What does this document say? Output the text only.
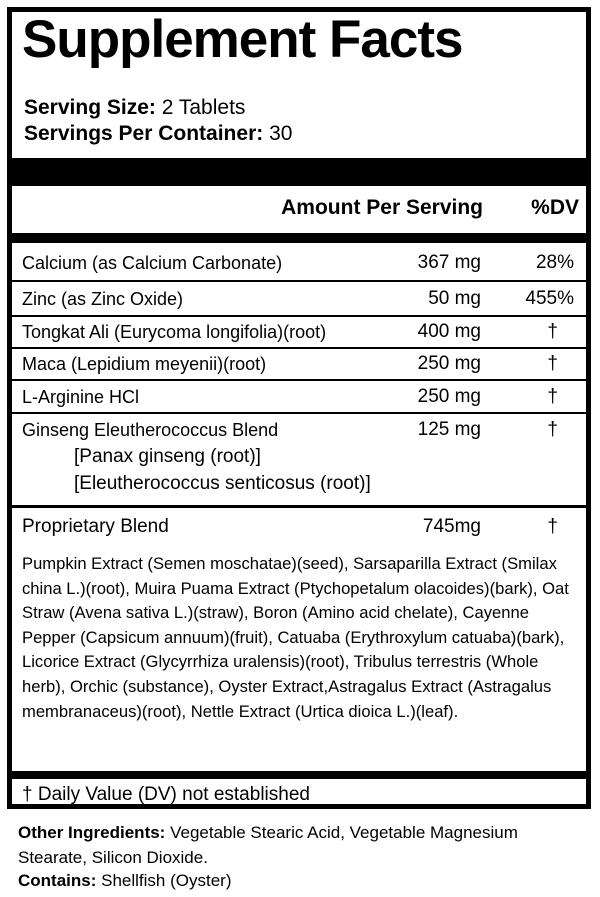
Supplement Facts
Serving Size: 2 Tablets
Servings Per Container: 30
Amount Per Serving %DV
Calcium (as Calcium Carbonate)	367 mg	28%
Zinc (as Zinc Oxide)	50 mg 455%
Tongkat Ali (Eurycoma longifolia)(root)	400 mg	†
Maca (Lepidium meyenii)(root)	250 mg	†
L-Arginine HCl	250 mg	†
Ginseng Eleutherococcus Blend	125 mg	†
[Panax ginseng (root)]
[Eleutherococcus senticosus (root)]
Proprietary Blend	745mg	†
Pumpkin Extract (Semen moschatae)(seed), Sarsaparilla Extract (Smilax china L.)(root), Muira Puama Extract (Ptychopetalum olacoides)(bark), Oat Straw (Avena sativa L.)(straw), Boron (Amino acid chelate), Cayenne Pepper (Capsicum annuum)(fruit), Catuaba (Erythroxylum catuaba)(bark), Licorice Extract (Glycyrrhiza uralensis)(root), Tribulus terrestris (Whole herb), Orchic (substance), Oyster Extract,Astragalus Extract (Astragalus membranaceus)(root), Nettle Extract (Urtica dioica L.)(leaf).
† Daily Value (DV) not established
Other Ingredients: Vegetable Stearic Acid, Vegetable Magnesium Stearate, Silicon Dioxide.
Contains: Shellfish (Oyster)
